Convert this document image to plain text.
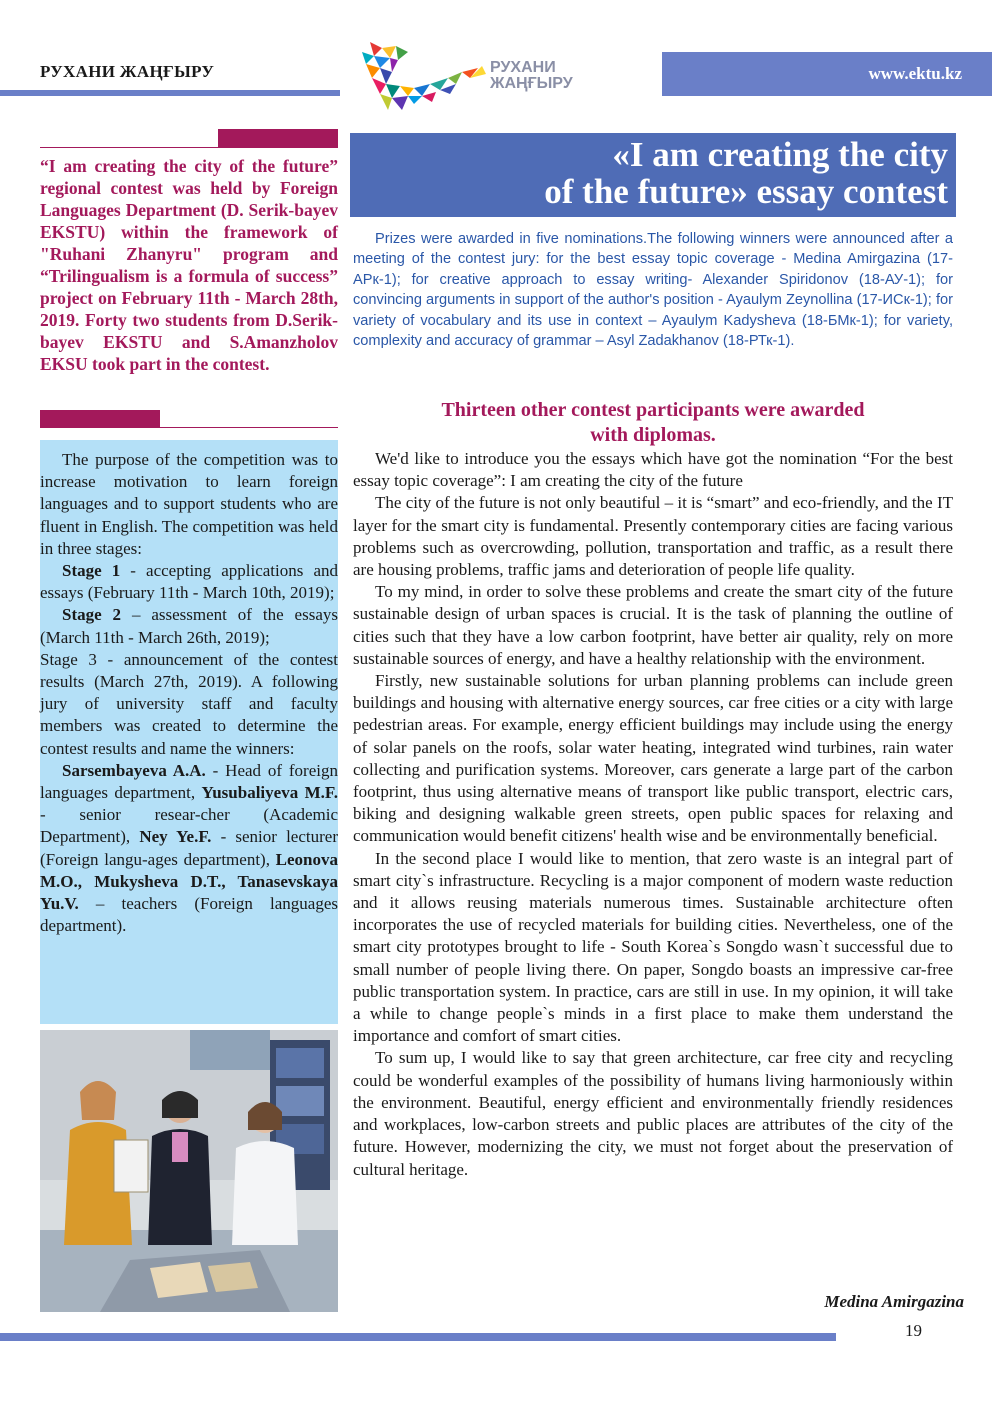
РУХАНИ ЖАҢҒЫРУ	www.ektu.kz
РУХАНИ
ЖАҢҒЫРУ
“I am creating the city of the future” regional contest was held by Foreign Languages Department (D. Serik-bayev EKSTU) within the framework of "Ruhani Zhanyru" program and “Trilingualism is a formula of success” project on February 11th - March 28th, 2019. Forty two students from D.Serik-bayev EKSTU and S.Amanzholov EKSU took part in the contest.

The purpose of the competition was to increase motivation to learn foreign languages and to support students who are fluent in English. The competition was held in three stages:

Stage 1 - accepting applications and essays (February 11th - March 10th, 2019);

Stage 2 – assessment of the essays (March 11th - March 26th, 2019);

Stage 3 - announcement of the contest results (March 27th, 2019). A following jury of university staff and faculty members was created to determine the contest results and name the winners:

Sarsembayeva A.A. - Head of foreign languages department, Yusubaliyeva M.F. - senior resear-cher (Academic Department), Ney Ye.F. - senior lecturer (Foreign langu-ages department), Leonova M.O., Mukysheva D.T., Tanasevskaya Yu.V. – teachers (Foreign languages department).

«I am creating the city
of the future» essay contest
Prizes were awarded in five nominations.The following winners were announced after a meeting of the contest jury: for the best essay topic coverage - Medina Amirgazina (17-АРк-1); for creative approach to essay writing- Alexander Spiridonov (18-АУ-1); for convincing arguments in support of the author's position - Ayaulym Zeynollina (17-ИСк-1); for variety of vocabulary and its use in context – Ayaulym Kadysheva (18-БМк-1); for variety, complexity and accuracy of grammar – Asyl Zadakhanov (18-РТк-1).
Thirteen other contest participants were awarded
with diplomas.

We'd like to introduce you the essays which have got the nomination “For the best essay topic coverage”: I am creating the city of the future

The city of the future is not only beautiful – it is “smart” and eco-friendly, and the IT layer for the smart city is fundamental. Presently contemporary cities are facing various problems such as overcrowding, pollution, transportation and traffic, as a result there are housing problems, traffic jams and deterioration of people life quality.

To my mind, in order to solve these problems and create the smart city of the future sustainable design of urban spaces is crucial. It is the task of planning the outline of cities such that they have a low carbon footprint, have better air quality, rely on more sustainable sources of energy, and have a healthy relationship with the environment.

Firstly, new sustainable solutions for urban planning problems can include green buildings and housing with alternative energy sources, car free cities or a city with large pedestrian areas. For example, energy efficient buildings may include using the energy of solar panels on the roofs, solar water heating, integrated wind turbines, rain water collecting and purification systems. Moreover, cars generate a large part of the carbon footprint, thus using alternative means of transport like public transport, electric cars, biking and designing walkable green streets, open public spaces for relaxing and communication would benefit citizens' health wise and be environmentally beneficial.

In the second place I would like to mention, that zero waste is an integral part of smart city`s infrastructure. Recycling is a major component of modern waste reduction and it allows reusing materials numerous times. Sustainable architecture often incorporates the use of recycled materials for building cities. Nevertheless, one of the smart city prototypes brought to life - South Korea`s Songdo wasn`t successful due to small number of people living there. On paper, Songdo boasts an impressive car-free public transportation system. In practice, cars are still in use. In my opinion, it will take a while to change people`s minds in a first place to make them understand the importance and comfort of smart cities.

To sum up, I would like to say that green architecture, car free city and recycling could be wonderful examples of the possibility of humans living harmoniously within the environment. Beautiful, energy efficient and environmentally friendly residences and workplaces, low-carbon streets and public places are attributes of the city of the future. However, modernizing the city, we must not forget about the preservation of cultural heritage.

Medina Amirgazina
19
